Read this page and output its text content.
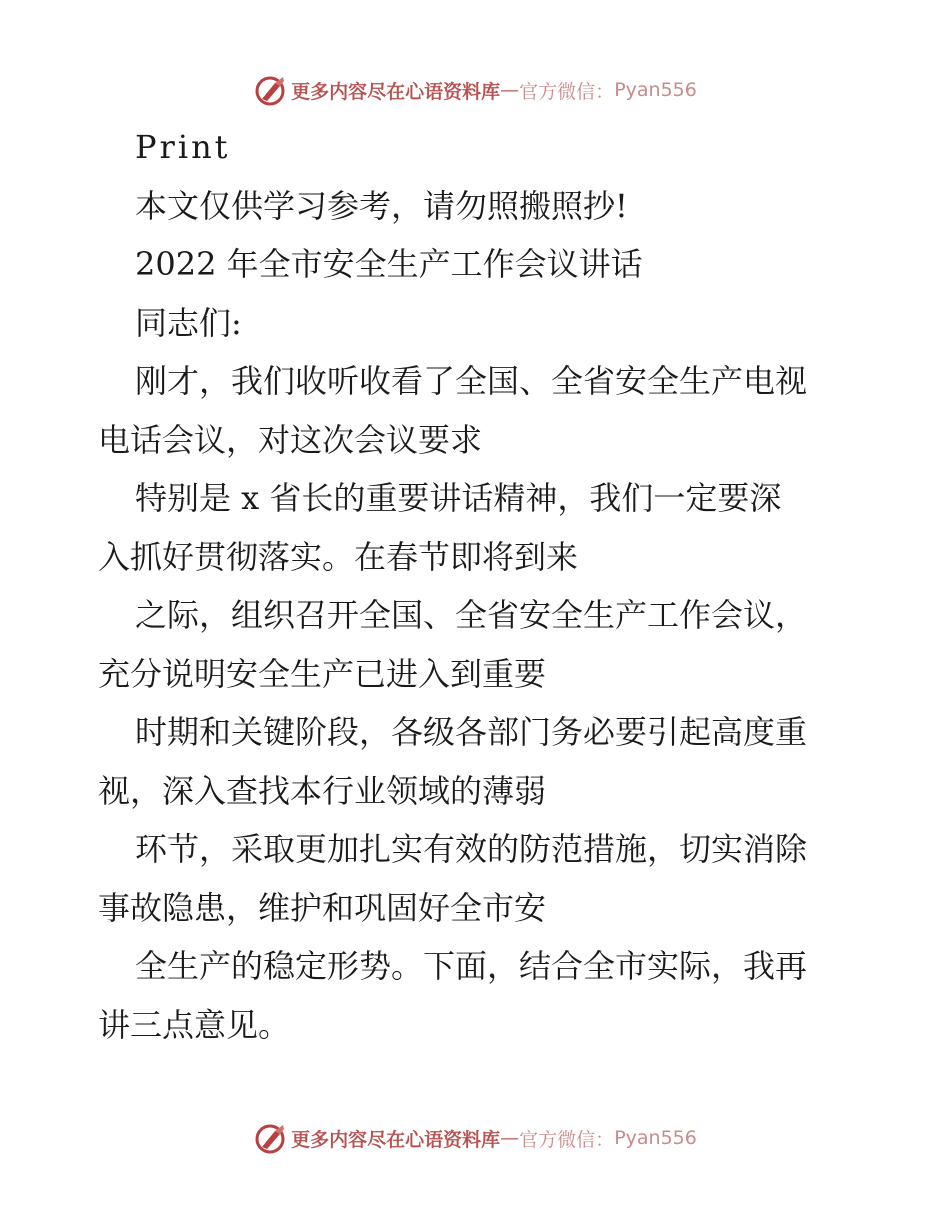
更多内容尽在心语资料库 — 官方微信： Pyan556

Print

本文仅供学习参考，请勿照搬照抄!

2022 年全市安全生产工作会议讲话

同志们:

刚才，我们收听收看了全国、全省安全生产电视

电话会议，对这次会议要求

特别是 x 省长的重要讲话精神，我们一定要深

入抓好贯彻落实。在春节即将到来

之际，组织召开全国、全省安全生产工作会议，

充分说明安全生产已进入到重要

时期和关键阶段，各级各部门务必要引起高度重

视，深入查找本行业领域的薄弱

环节，采取更加扎实有效的防范措施，切实消除

事故隐患，维护和巩固好全市安

全生产的稳定形势。下面，结合全市实际，我再

讲三点意见。

更多内容尽在心语资料库 — 官方微信： Pyan556
